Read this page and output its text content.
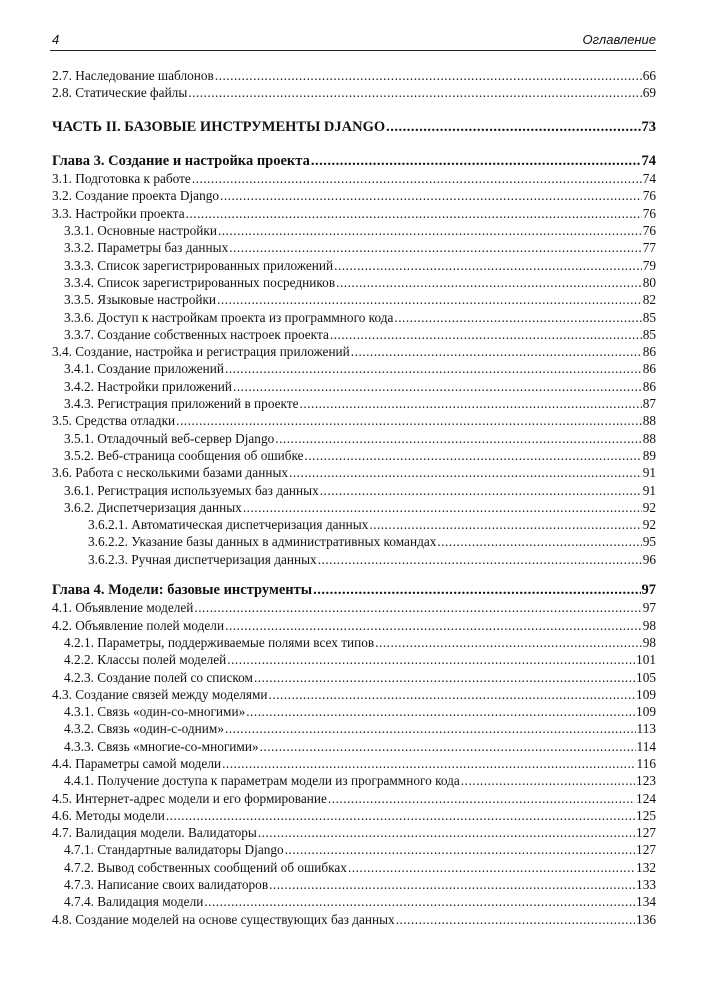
4	Оглавление
2.7. Наследование шаблонов .....	66
2.8. Статические файлы .....	69
ЧАСТЬ II. БАЗОВЫЕ ИНСТРУМЕНТЫ DJANGO .....	73
Глава 3. Создание и настройка проекта .....	74
3.1. Подготовка к работе .....	74
3.2. Создание проекта Django .....	76
3.3. Настройки проекта .....	76
3.3.1. Основные настройки .....	76
3.3.2. Параметры баз данных .....	77
3.3.3. Список зарегистрированных приложений .....	79
3.3.4. Список зарегистрированных посредников .....	80
3.3.5. Языковые настройки .....	82
3.3.6. Доступ к настройкам проекта из программного кода .....	85
3.3.7. Создание собственных настроек проекта .....	85
3.4. Создание, настройка и регистрация приложений .....	86
3.4.1. Создание приложений .....	86
3.4.2. Настройки приложений .....	86
3.4.3. Регистрация приложений в проекте .....	87
3.5. Средства отладки .....	88
3.5.1. Отладочный веб-сервер Django .....	88
3.5.2. Веб-страница сообщения об ошибке .....	89
3.6. Работа с несколькими базами данных .....	91
3.6.1. Регистрация используемых баз данных .....	91
3.6.2. Диспетчеризация данных .....	92
3.6.2.1. Автоматическая диспетчеризация данных .....	92
3.6.2.2. Указание базы данных в административных командах .....	95
3.6.2.3. Ручная диспетчеризация данных .....	96
Глава 4. Модели: базовые инструменты .....	97
4.1. Объявление моделей .....	97
4.2. Объявление полей модели .....	98
4.2.1. Параметры, поддерживаемые полями всех типов .....	98
4.2.2. Классы полей моделей .....	101
4.2.3. Создание полей со списком .....	105
4.3. Создание связей между моделями .....	109
4.3.1. Связь «один-со-многими» .....	109
4.3.2. Связь «один-с-одним» .....	113
4.3.3. Связь «многие-со-многими» .....	114
4.4. Параметры самой модели .....	116
4.4.1. Получение доступа к параметрам модели из программного кода .....	123
4.5. Интернет-адрес модели и его формирование .....	124
4.6. Методы модели .....	125
4.7. Валидация модели. Валидаторы .....	127
4.7.1. Стандартные валидаторы Django .....	127
4.7.2. Вывод собственных сообщений об ошибках .....	132
4.7.3. Написание своих валидаторов .....	133
4.7.4. Валидация модели .....	134
4.8. Создание моделей на основе существующих баз данных .....	136
